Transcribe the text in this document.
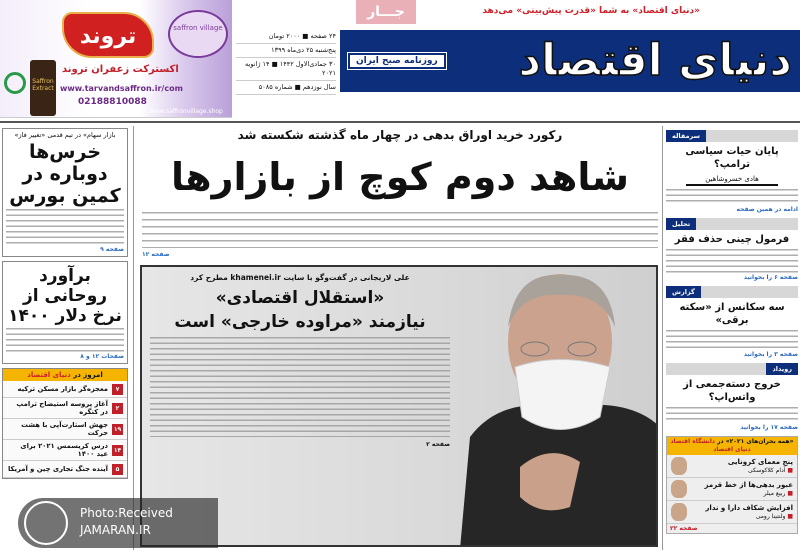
Saffron Extract
تروند
اکسترکت زعفران تروند
www.tarvandsaffron.ir/com
02188810088
saffron village
www.saffronvillage.shop
جـــار	«دنیای اقتصاد» به شما «قدرت پیش‌بینی» می‌دهد
دنیای اقتصاد
روزنامه صبح ایران
۲۴ صفحه ■ ۲۰۰۰ تومان
پنج‌شنبه ۲۵ دی‌ماه ۱۳۹۹
۳۰ جمادی‌الاول ۱۴۴۲ ■ ۱۴ ژانویه ۲۰۲۱
سال نوزدهم ■ شماره ۵۰۸۵
بازار سهام» در تیم قدمی «تغییر فاز»
خرس‌ها دوباره در کمین بورس
صفحه ۹
برآورد روحانی از نرخ دلار ۱۴۰۰
صفحات ۱۲ و ۸
امروز در دنیای اقتصاد
۷
معجزه‌گر بازار مسکن ترکیه
۲
آغاز پروسه استیضاح ترامپ در کنگره
۱۹
جهش استارت‌آپی با هشت حرکت
۱۴
درس کریسمس ۲۰۲۱ برای عید ۱۴۰۰
۵
آینده جنگ تجاری چین و آمریکا
رکورد خرید اوراق بدهی در چهار ماه گذشته شکسته شد
شاهد دوم کوچ از بازارها
صفحه ۱۲
علی لاریجانی در گفت‌وگو با سایت khamenei.ir مطرح کرد
«استقلال اقتصادی»
نیازمند «مراوده خارجی» است
صفحه ۲
Photo:Received
JAMARAN.IR
سرمقاله
پایان حیات سیاسی ترامپ؟
هادی خسروشاهین
ادامه در همین صفحه
تحلیل
فرمول چینی حذف فقر
صفحه ۶ را بخوانید
گزارش
سه سکانس از «سکته برقی»
صفحه ۳ را بخوانید
رویداد
خروج دسته‌جمعی از واتس‌اپ؟
صفحه ۱۷ را بخوانید
«همه بحران‌های ۲۰۲۱» در دانشگاه اقتصاد دنیای اقتصاد
پنج معمای کرونایی
■ آدام کلاکوسکی
عبور بدهی‌ها از خط قرمز
■ ربیع میلر
افزایش شکاف دارا و ندار
■ ولنتینا رومی
صفحه ۲۲
